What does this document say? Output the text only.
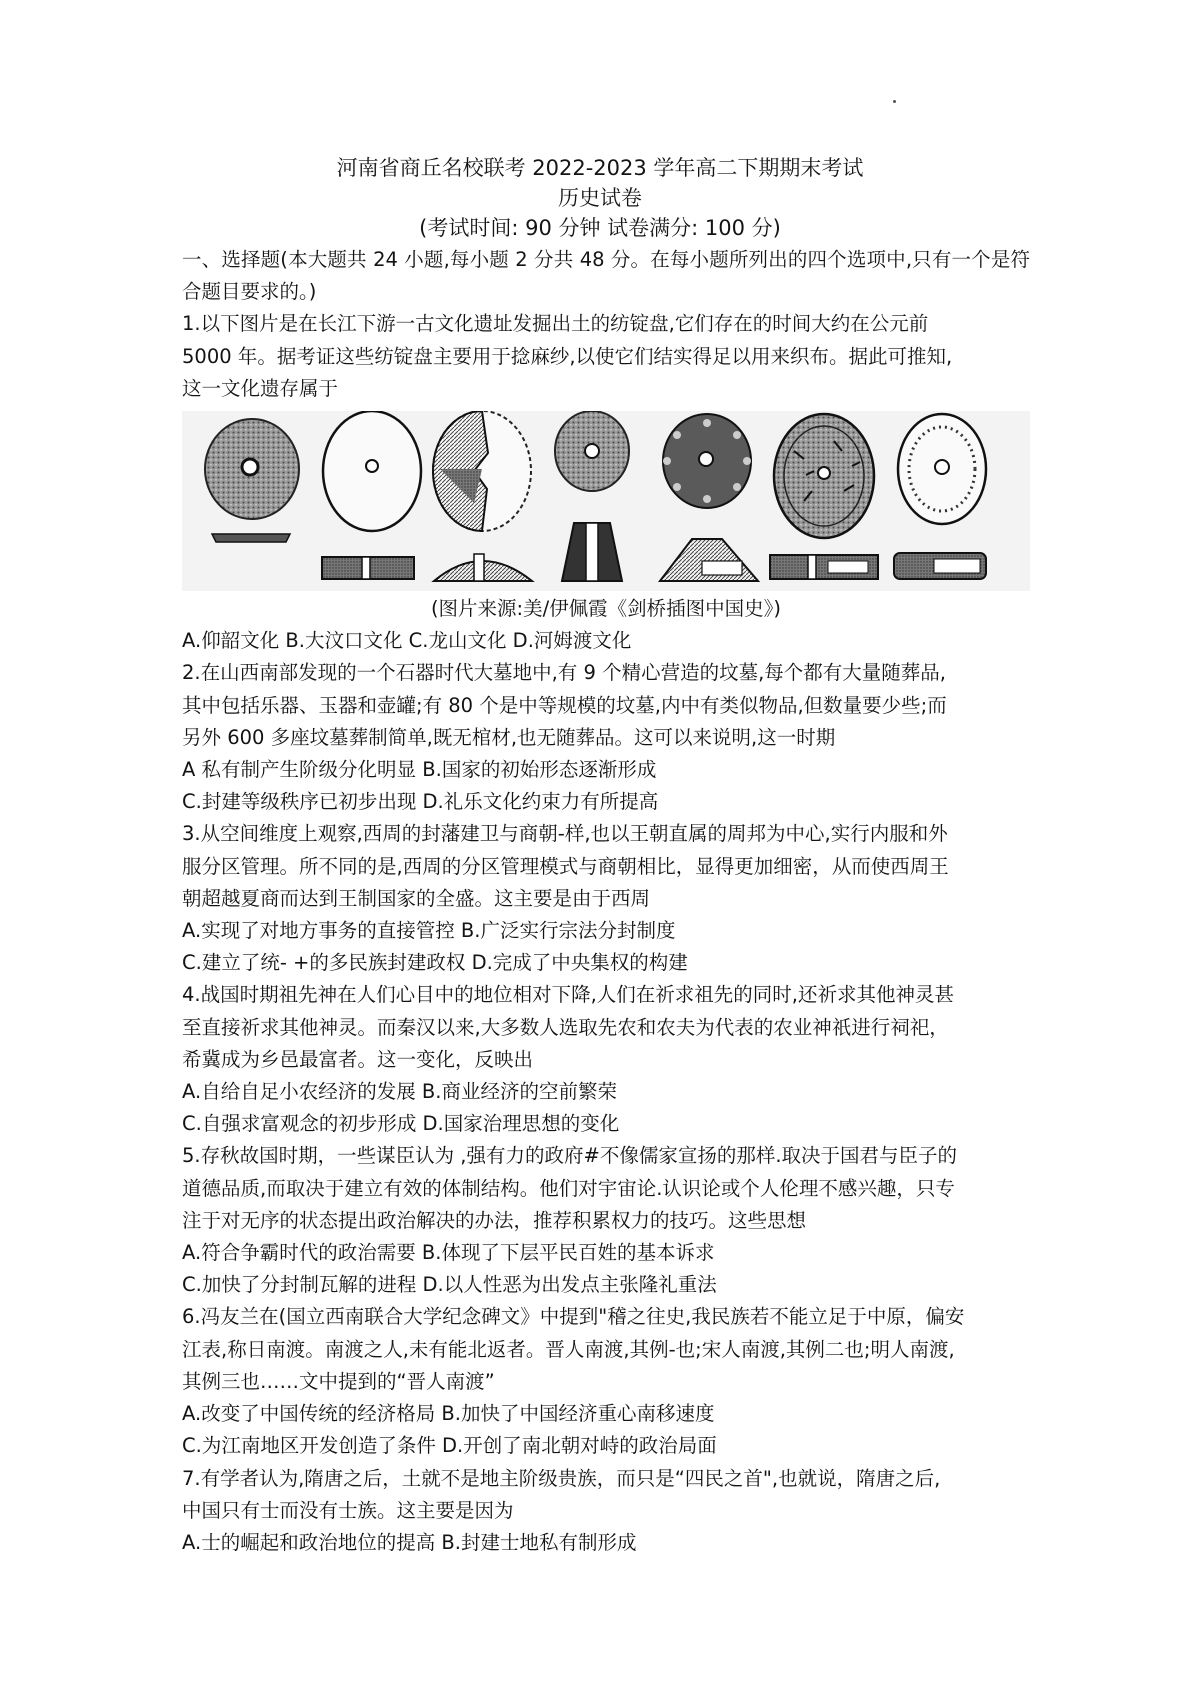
河南省商丘名校联考 2022-2023 学年高二下期期末考试
历史试卷
(考试时间: 90 分钟 试卷满分: 100 分)

一、选择题(本大题共 24 小题,每小题 2 分共 48 分。在每小题所列出的四个选项中,只有一个是符合题目要求的。)

1.以下图片是在长江下游一古文化遗址发掘出土的纺锭盘,它们存在的时间大约在公元前

5000 年。据考证这些纺锭盘主要用于捻麻纱,以使它们结实得足以用来织布。据此可推知,

这一文化遗存属于

(图片来源:美/伊佩霞《剑桥插图中国史》)

A.仰韶文化 B.大汶口文化 C.龙山文化 D.河姆渡文化

2.在山西南部发现的一个石器时代大墓地中,有 9 个精心营造的坟墓,每个都有大量随葬品,

其中包括乐器、玉器和壶罐;有 80 个是中等规模的坟墓,内中有类似物品,但数量要少些;而

另外 600 多座坟墓葬制简单,既无棺材,也无随葬品。这可以来说明,这一时期

A 私有制产生阶级分化明显 B.国家的初始形态逐渐形成

C.封建等级秩序已初步出现 D.礼乐文化约束力有所提高

3.从空间维度上观察,西周的封藩建卫与商朝-样,也以王朝直属的周邦为中心,实行内服和外

服分区管理。所不同的是,西周的分区管理模式与商朝相比，显得更加细密，从而使西周王

朝超越夏商而达到王制国家的全盛。这主要是由于西周

A.实现了对地方事务的直接管控 B.广泛实行宗法分封制度

C.建立了统- +的多民族封建政权 D.完成了中央集权的构建

4.战国时期祖先神在人们心目中的地位相对下降,人们在祈求祖先的同时,还祈求其他神灵甚

至直接祈求其他神灵。而秦汉以来,大多数人选取先农和农夫为代表的农业神祇进行祠祀，

希冀成为乡邑最富者。这一变化，反映出

A.自给自足小农经济的发展 B.商业经济的空前繁荣

C.自强求富观念的初步形成 D.国家治理思想的变化

5.存秋故国时期，一些谋臣认为 ,强有力的政府#不像儒家宣扬的那样.取决于国君与臣子的

道德品质,而取决于建立有效的体制结构。他们对宇宙论.认识论或个人伦理不感兴趣，只专

注于对无序的状态提出政治解决的办法，推荐积累权力的技巧。这些思想

A.符合争霸时代的政治需要 B.体现了下层平民百姓的基本诉求

C.加快了分封制瓦解的进程 D.以人性恶为出发点主张隆礼重法

6.冯友兰在(国立西南联合大学纪念碑文》中提到"稽之往史,我民族若不能立足于中原，偏安

江表,称日南渡。南渡之人,未有能北返者。晋人南渡,其例-也;宋人南渡,其例二也;明人南渡,

其例三也……文中提到的“晋人南渡”

A.改变了中国传统的经济格局 B.加快了中国经济重心南移速度

C.为江南地区开发创造了条件 D.开创了南北朝对峙的政治局面

7.有学者认为,隋唐之后，土就不是地主阶级贵族，而只是“四民之首",也就说，隋唐之后,

中国只有士而没有士族。这主要是因为

A.士的崛起和政治地位的提高 B.封建士地私有制形成
